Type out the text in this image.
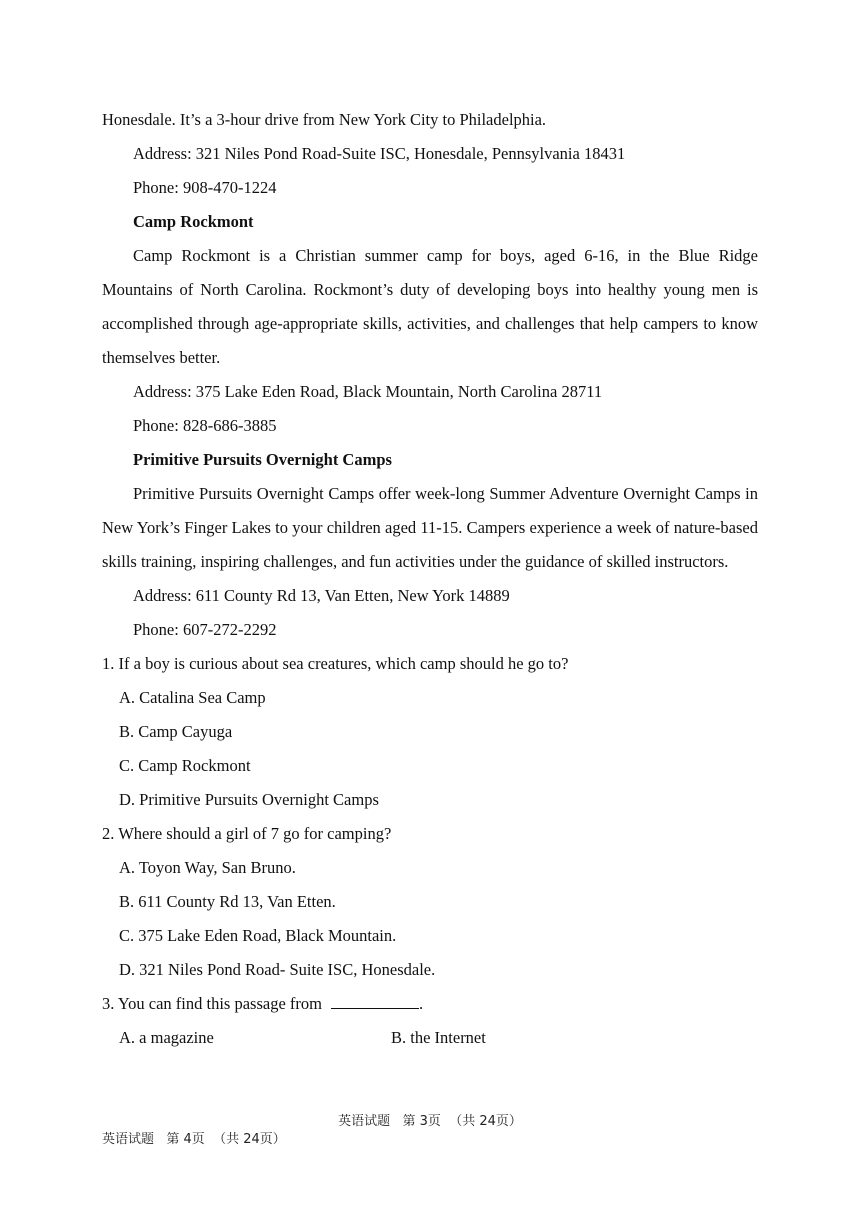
Honesdale. It’s a 3-hour drive from New York City to Philadelphia.
Address: 321 Niles Pond Road-Suite ISC, Honesdale, Pennsylvania 18431
Phone: 908-470-1224
Camp Rockmont

Camp Rockmont is a Christian summer camp for boys, aged 6-16, in the Blue Ridge Mountains of North Carolina. Rockmont’s duty of developing boys into healthy young men is accomplished through age-appropriate skills, activities, and challenges that help campers to know themselves better.

Address: 375 Lake Eden Road, Black Mountain, North Carolina 28711
Phone: 828-686-3885
Primitive Pursuits Overnight Camps

Primitive Pursuits Overnight Camps offer week-long Summer Adventure Overnight Camps in New York’s Finger Lakes to your children aged 11-15. Campers experience a week of nature-based skills training, inspiring challenges, and fun activities under the guidance of skilled instructors.

Address: 611 County Rd 13, Van Etten, New York 14889
Phone: 607-272-2292
1. If a boy is curious about sea creatures, which camp should he go to?
A. Catalina Sea Camp
B. Camp Cayuga
C. Camp Rockmont
D. Primitive Pursuits Overnight Camps
2. Where should a girl of 7 go for camping?
A. Toyon Way, San Bruno.
B. 611 County Rd 13, Van Etten.
C. 375 Lake Eden Road, Black Mountain.
D. 321 Niles Pond Road- Suite ISC, Honesdale.
3. You can find this passage from	.
A. a magazine	B. the Internet
英语试题   第 3页  （共 24页）
英语试题   第 4页  （共 24页）
